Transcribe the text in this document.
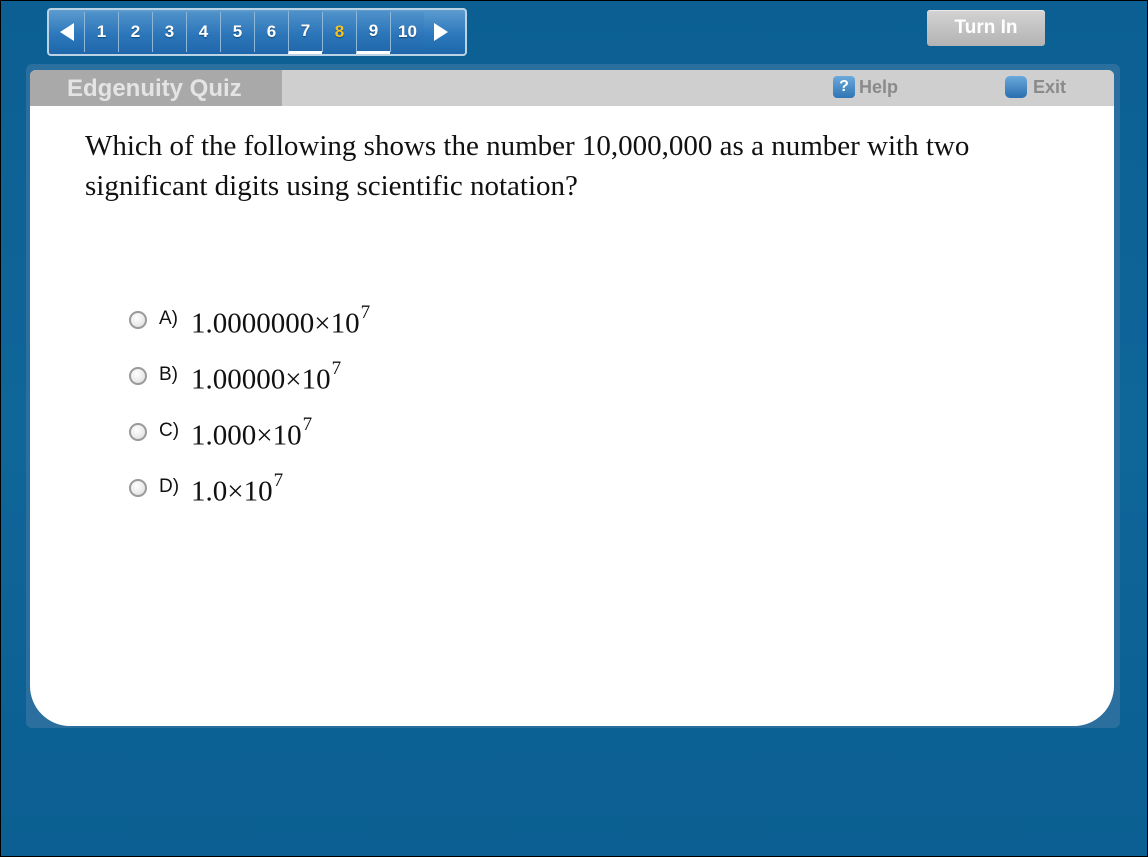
1	2	3	4	5	6	7	8	9	10	Turn In
Edgenuity Quiz	? Help	Exit
Which of the following shows the number 10,000,000 as a number with two significant digits using scientific notation?
A) $1.0000000\times 10^7$
B) $1.00000\times 10^7$
C) $1.000\times 10^7$
D) $1.0\times 10^7$
